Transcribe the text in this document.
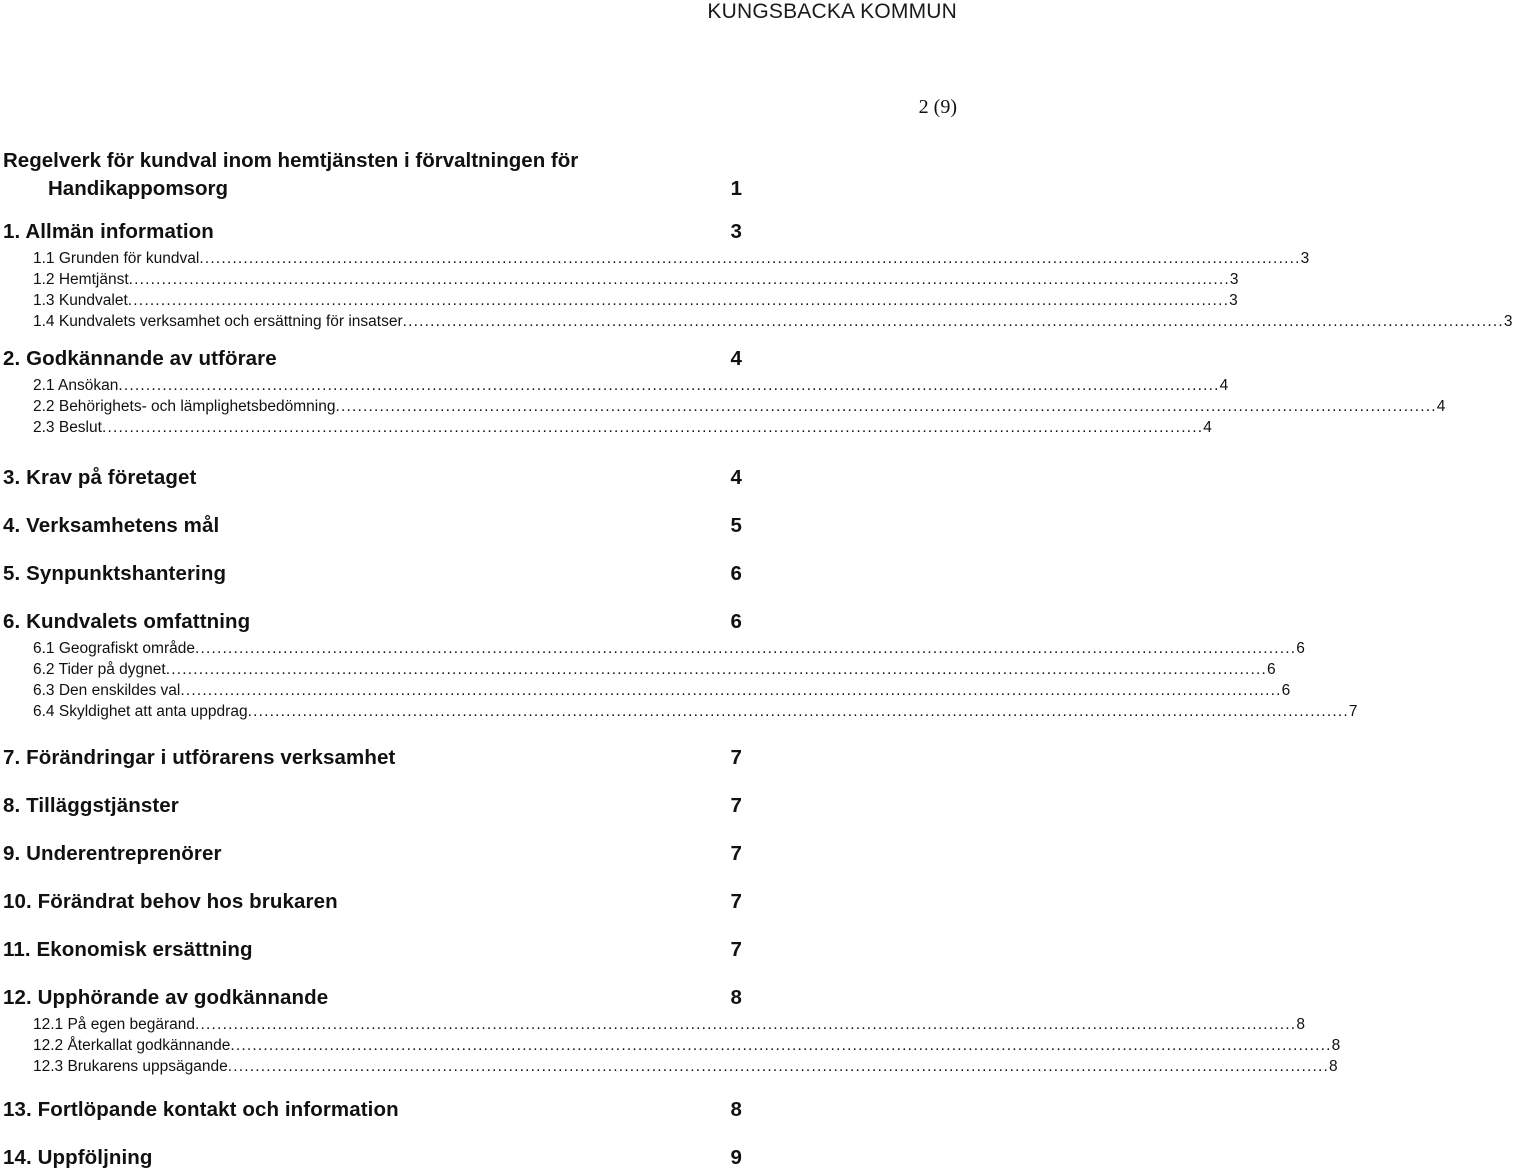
KUNGSBACKA KOMMUN
2 (9)
Regelverk för kundval inom hemtjänsten i förvaltningen för
Handikappomsorg	1
1. Allmän information	3
1.1 Grunden för kundval ........................................................................................................................................................................................................ 3
1.2 Hemtjänst ........................................................................................................................................................................................................ 3
1.3 Kundvalet ........................................................................................................................................................................................................ 3
1.4 Kundvalets verksamhet och ersättning för insatser ........................................................................................................................................................................................................ 3
2. Godkännande av utförare	4
2.1 Ansökan ........................................................................................................................................................................................................ 4
2.2 Behörighets- och lämplighetsbedömning ........................................................................................................................................................................................................ 4
2.3 Beslut ........................................................................................................................................................................................................ 4
3. Krav på företaget	4
4. Verksamhetens mål	5
5. Synpunktshantering	6
6. Kundvalets omfattning	6
6.1 Geografiskt område ........................................................................................................................................................................................................ 6
6.2 Tider på dygnet ........................................................................................................................................................................................................ 6
6.3 Den enskildes val ........................................................................................................................................................................................................ 6
6.4 Skyldighet att anta uppdrag ........................................................................................................................................................................................................ 7
7. Förändringar i utförarens verksamhet	7
8. Tilläggstjänster	7
9. Underentreprenörer	7
10. Förändrat behov hos brukaren	7
11. Ekonomisk ersättning	7
12. Upphörande av godkännande	8
12.1 På egen begärand ........................................................................................................................................................................................................ 8
12.2 Återkallat godkännande ........................................................................................................................................................................................................ 8
12.3 Brukarens uppsägande ........................................................................................................................................................................................................ 8
13. Fortlöpande kontakt och information	8
14. Uppföljning	9
